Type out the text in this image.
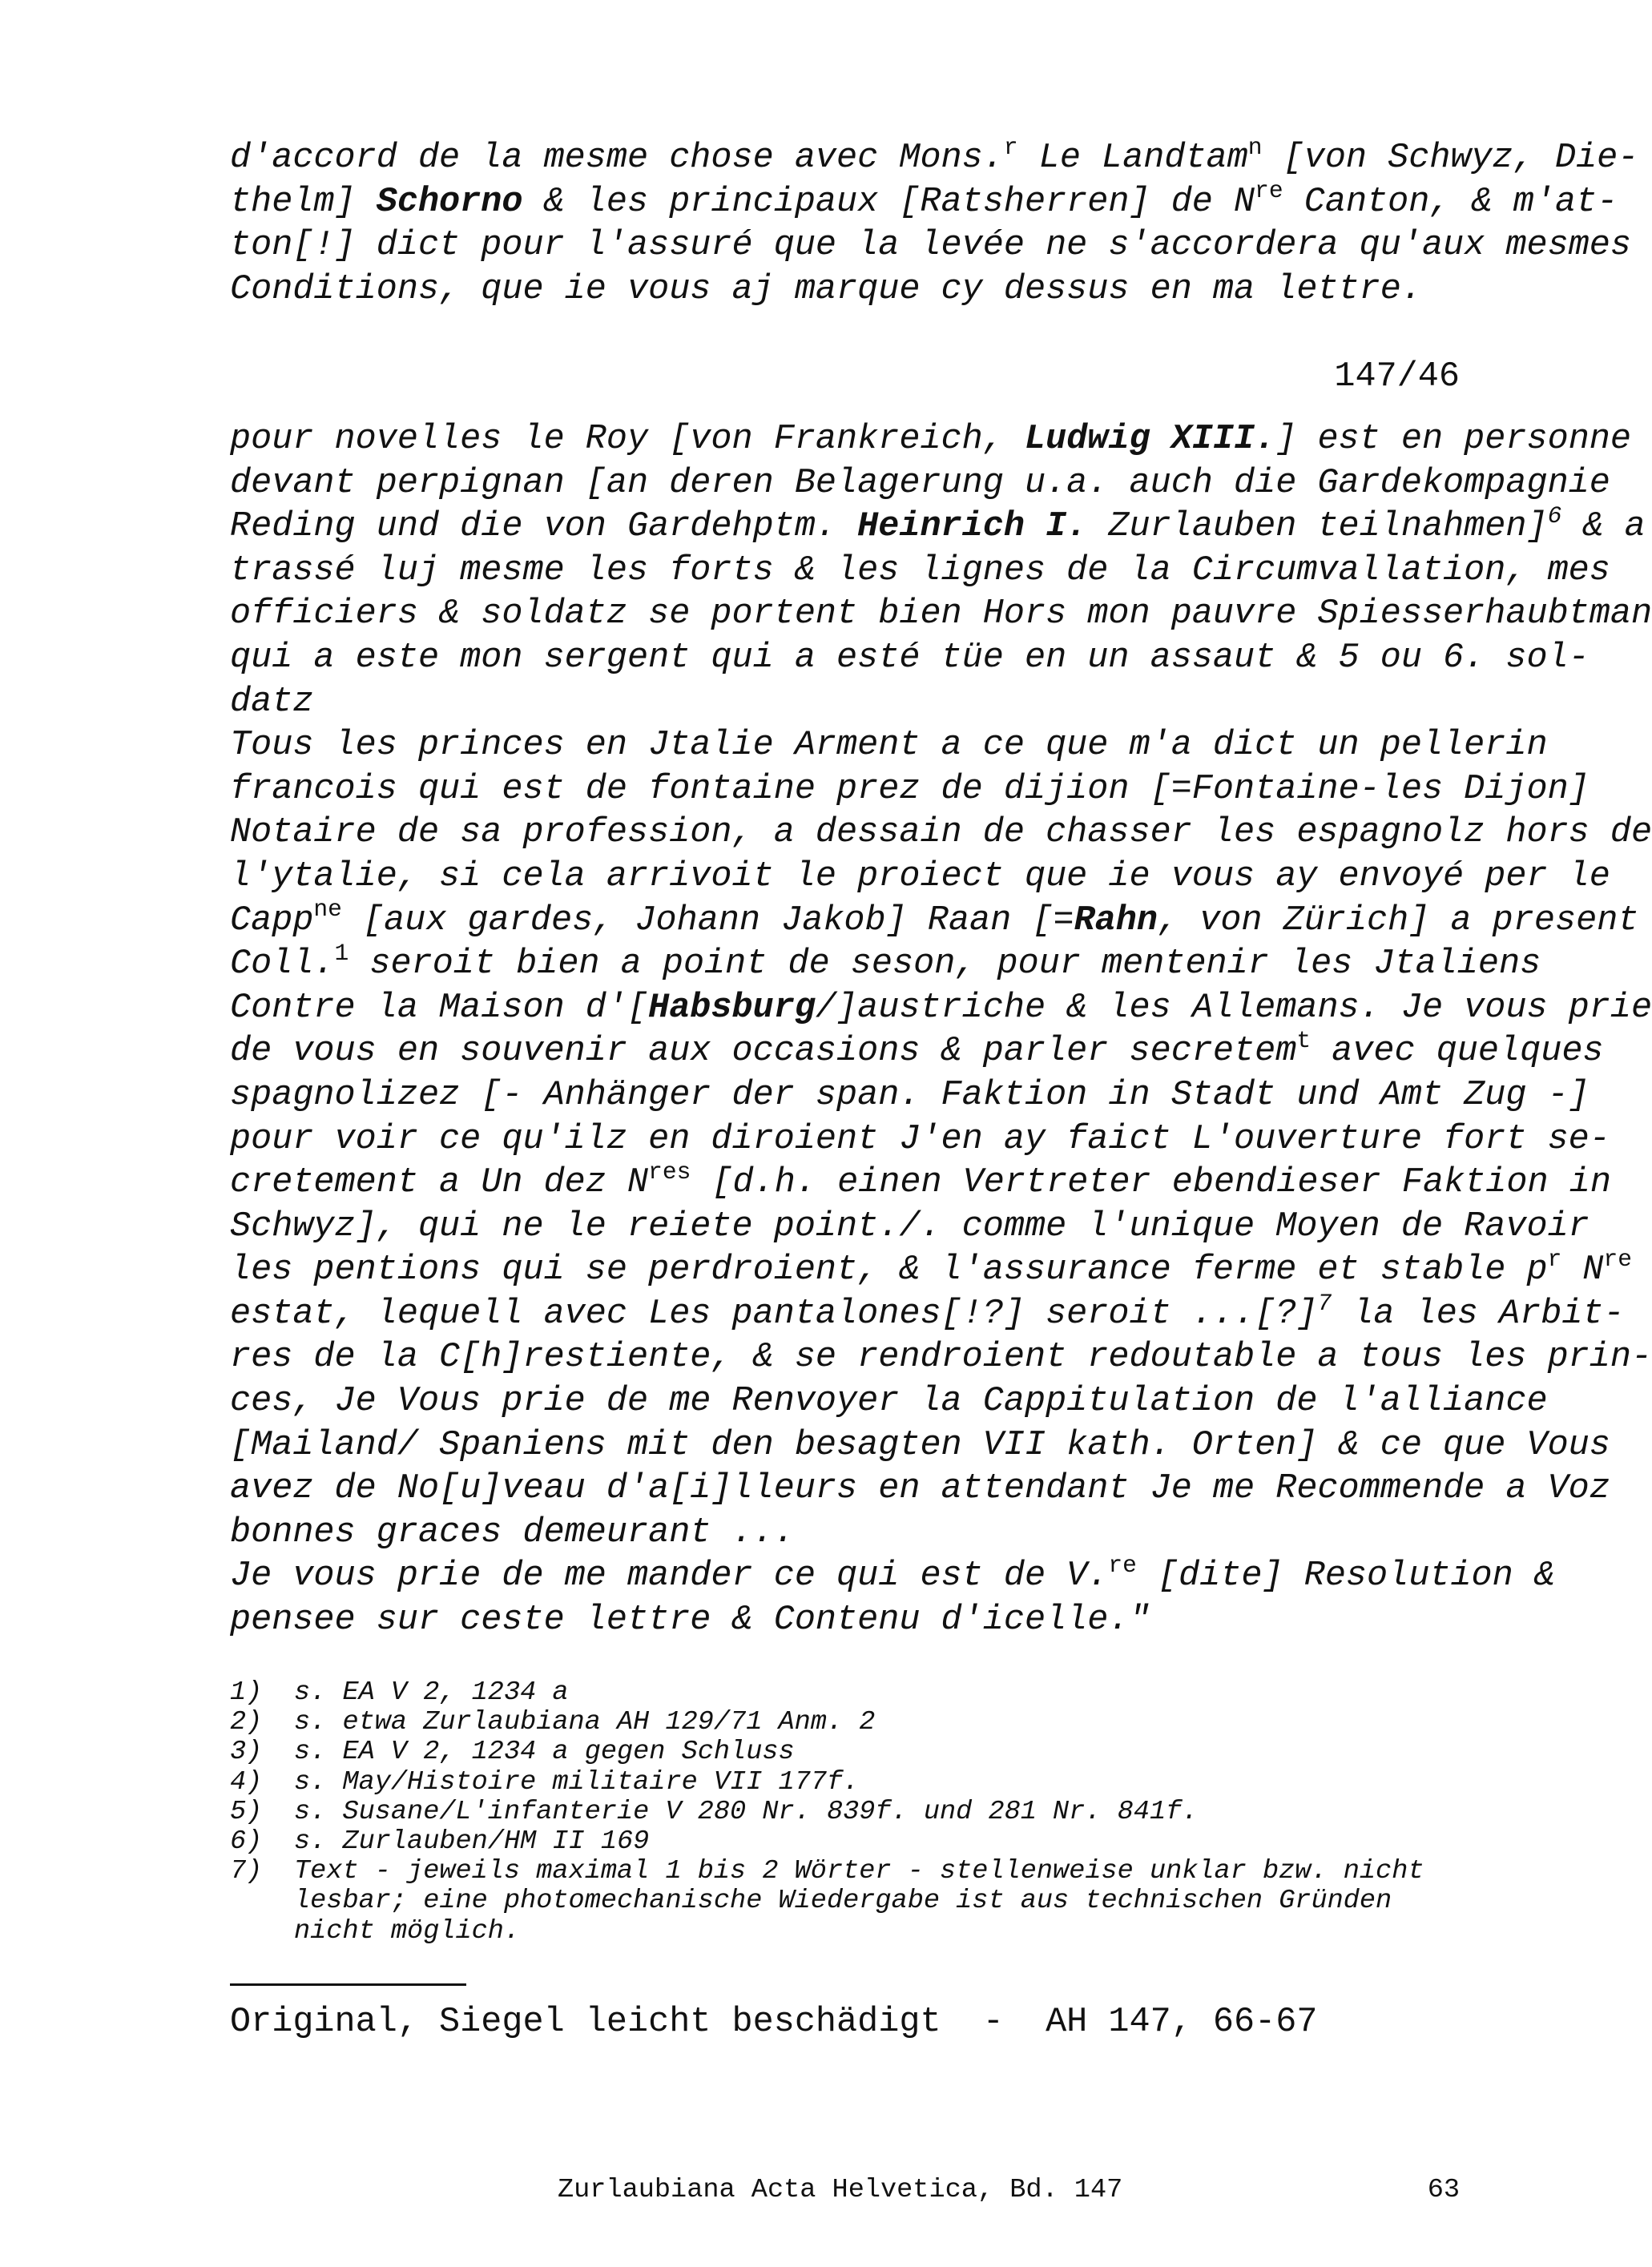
d'accord de la mesme chose avec Mons.$^r$ Le Landtam$^n$ [von Schwyz, Die-
thelm] Schorno & les principaux [Ratsherren] de $N^{re}$ Canton, & m'at-
ton[!] dict pour l'assuré que la levée ne s'accordera qu'aux mesmes
Conditions, que ie vous aj marque cy dessus en ma lettre.
147/46
pour novelles le Roy [von Frankreich, Ludwig XIII.] est en personne
devant perpignan [an deren Belagerung u.a. auch die Gardekompagnie
Reding und die von Gardehptm. Heinrich I. Zurlauben teilnahmen]$^6$ & a
trassé luj mesme les forts & les lignes de la Circumvallation, mes
officiers & soldatz se portent bien Hors mon pauvre Spiesserhaubtman
qui a este mon sergent qui a esté tüe en un assaut & 5 ou 6. sol-
datz
Tous les princes en Jtalie Arment a ce que m'a dict un pellerin
francois qui est de fontaine prez de dijion [=Fontaine-les Dijon]
Notaire de sa profession, a dessain de chasser les espagnolz hors de
l'ytalie, si cela arrivoit le proiect que ie vous ay envoyé per le
Capp$^{ne}$ [aux gardes, Johann Jakob] Raan [=Rahn, von Zürich] a present
Coll.$^1$ seroit bien a point de seson, pour mentenir les Jtaliens
Contre la Maison d'[Habsburg/]austriche & les Allemans. Je vous prie
de vous en souvenir aux occasions & parler secretem$^t$ avec quelques
spagnolizez [- Anhänger der span. Faktion in Stadt und Amt Zug -]
pour voir ce qu'ilz en diroient J'en ay faict L'ouverture fort se-
cretement a Un dez $N^{res}$ [d.h. einen Vertreter ebendieser Faktion in
Schwyz], qui ne le reiete point./. comme l'unique Moyen de Ravoir
les pentions qui se perdroient, & l'assurance ferme et stable $p^r$ $N^{re}$
estat, lequell avec Les pantalones[!?] seroit ...[?]$^7$ la les Arbit-
res de la C[h]restiente, & se rendroient redoutable a tous les prin-
ces, Je Vous prie de me Renvoyer la Cappitulation de l'alliance
[Mailand/ Spaniens mit den besagten VII kath. Orten] & ce que Vous
avez de No[u]veau d'a[i]lleurs en attendant Je me Recommende a Voz
bonnes graces demeurant ...
Je vous prie de me mander ce qui est de V.$^{re}$ [dite] Resolution &
pensee sur ceste lettre & Contenu d'icelle."
1)	s. EA V 2, 1234 a
2)	s. etwa Zurlaubiana AH 129/71 Anm. 2
3)	s. EA V 2, 1234 a gegen Schluss
4)	s. May/Histoire militaire VII 177f.
5)	s. Susane/L'infanterie V 280 Nr. 839f. und 281 Nr. 841f.
6)	s. Zurlauben/HM II 169
7)	Text - jeweils maximal 1 bis 2 Wörter - stellenweise unklar bzw. nicht
lesbar; eine photomechanische Wiedergabe ist aus technischen Gründen
nicht möglich.
Original, Siegel leicht beschädigt  -  AH 147, 66-67
Zurlaubiana Acta Helvetica, Bd. 147	63
